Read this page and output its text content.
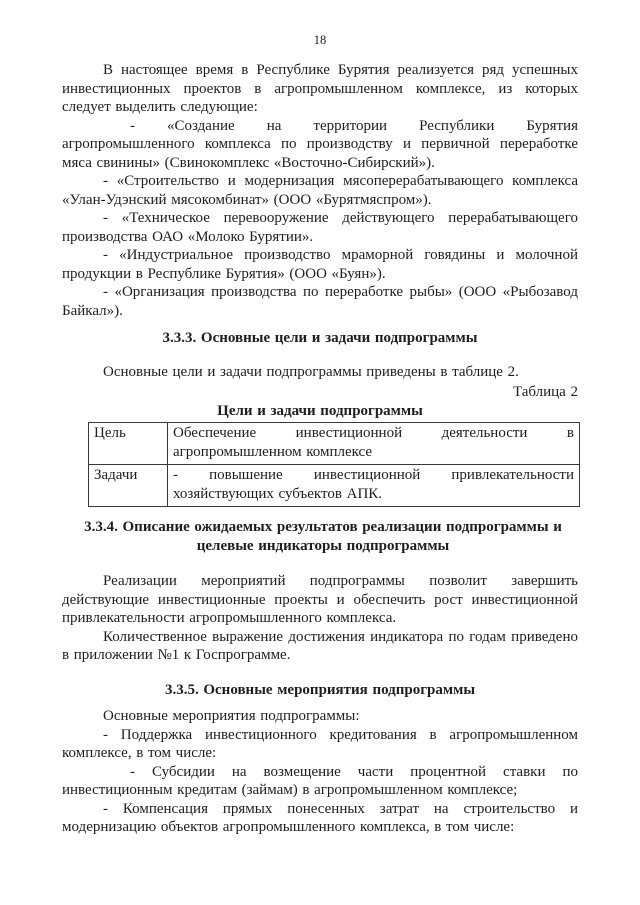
18

В настоящее время в Республике Бурятия реализуется ряд успешных инвестиционных проектов в агропромышленном комплексе, из которых следует выделить следующие:

- «Создание на территории Республики Бурятия агропромышленного комплекса по производству и первичной переработке мяса свинины» (Свинокомплекс «Восточно-Сибирский»).

- «Строительство и модернизация мясоперерабатывающего комплекса «Улан-Удэнский мясокомбинат» (ООО «Бурятмяспром»).

- «Техническое перевооружение действующего перерабатывающего производства ОАО «Молоко Бурятии».

- «Индустриальное производство мраморной говядины и молочной продукции в Республике Бурятия» (ООО «Буян»).

- «Организация производства по переработке рыбы» (ООО «Рыбозавод Байкал»).

3.3.3. Основные цели и задачи подпрограммы

Основные цели и задачи подпрограммы приведены в таблице 2.

Таблица 2
Цели и задачи подпрограммы
Цель	Обеспечение инвестиционной деятельности в агропромышленном комплексе
Задачи	- повышение инвестиционной привлекательности хозяйствующих субъектов АПК.
3.3.4. Описание ожидаемых результатов реализации подпрограммы и целевые индикаторы подпрограммы

Реализации мероприятий подпрограммы позволит завершить действующие инвестиционные проекты и обеспечить рост инвестиционной привлекательности агропромышленного комплекса.

Количественное выражение достижения индикатора по годам приведено в приложении №1 к Госпрограмме.

3.3.5. Основные мероприятия подпрограммы

Основные мероприятия подпрограммы:

- Поддержка инвестиционного кредитования в агропромышленном комплексе, в том числе:

- Субсидии на возмещение части процентной ставки по инвестиционным кредитам (займам) в агропромышленном комплексе;

- Компенсация прямых понесенных затрат на строительство и модернизацию объектов агропромышленного комплекса, в том числе:
